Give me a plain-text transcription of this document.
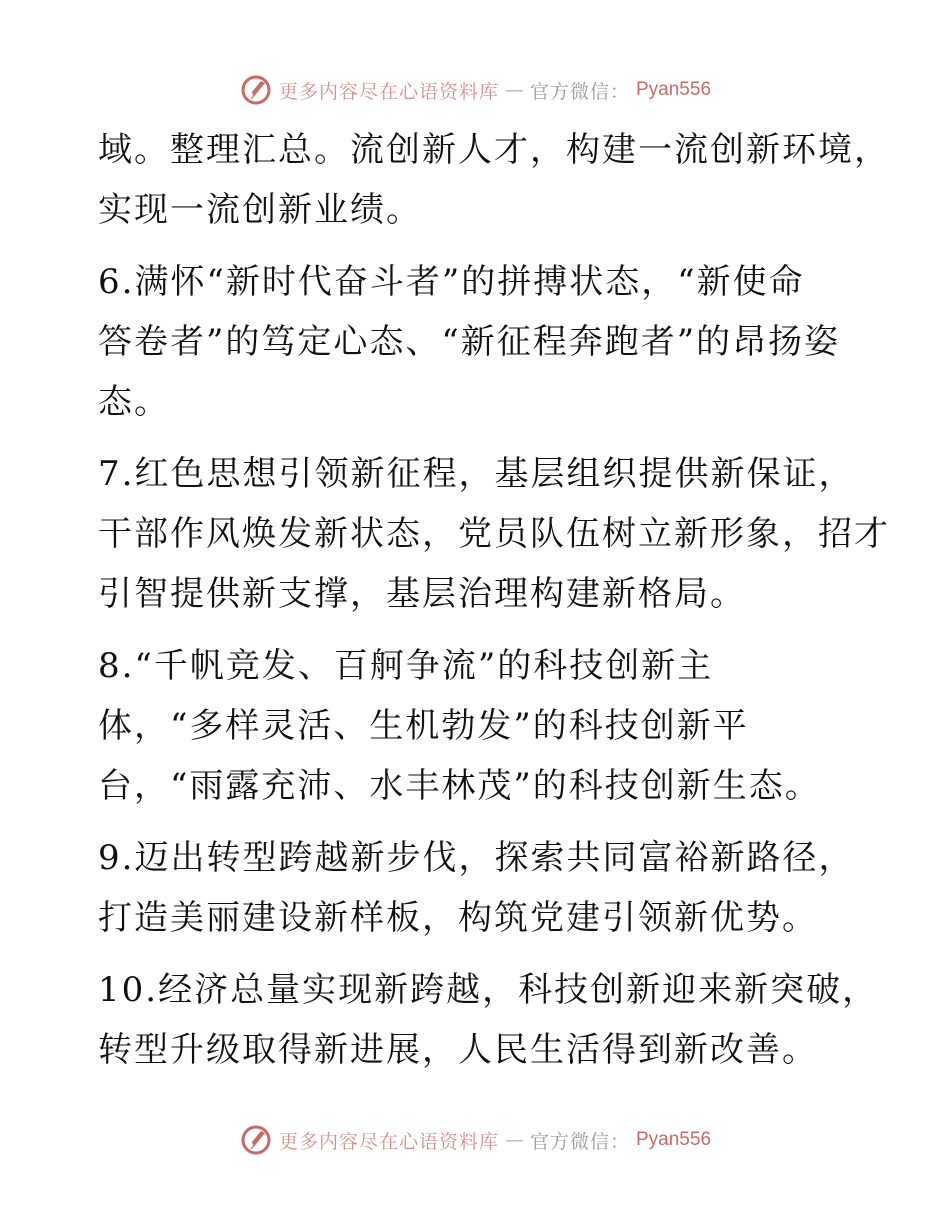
更多内容尽在心语资料库 — 官方微信： Pyan556
域。整理汇总。流创新人才，构建一流创新环境，
实现一流创新业绩。
6.满怀“新时代奋斗者”的拼搏状态，“新使命
答卷者”的笃定心态、“新征程奔跑者”的昂扬姿
态。
7.红色思想引领新征程，基层组织提供新保证，
干部作风焕发新状态，党员队伍树立新形象，招才
引智提供新支撑，基层治理构建新格局。
8.“千帆竞发、百舸争流”的科技创新主
体，“多样灵活、生机勃发”的科技创新平
台，“雨露充沛、水丰林茂”的科技创新生态。
9.迈出转型跨越新步伐，探索共同富裕新路径，
打造美丽建设新样板，构筑党建引领新优势。
10.经济总量实现新跨越，科技创新迎来新突破，
转型升级取得新进展，人民生活得到新改善。
更多内容尽在心语资料库 — 官方微信： Pyan556
